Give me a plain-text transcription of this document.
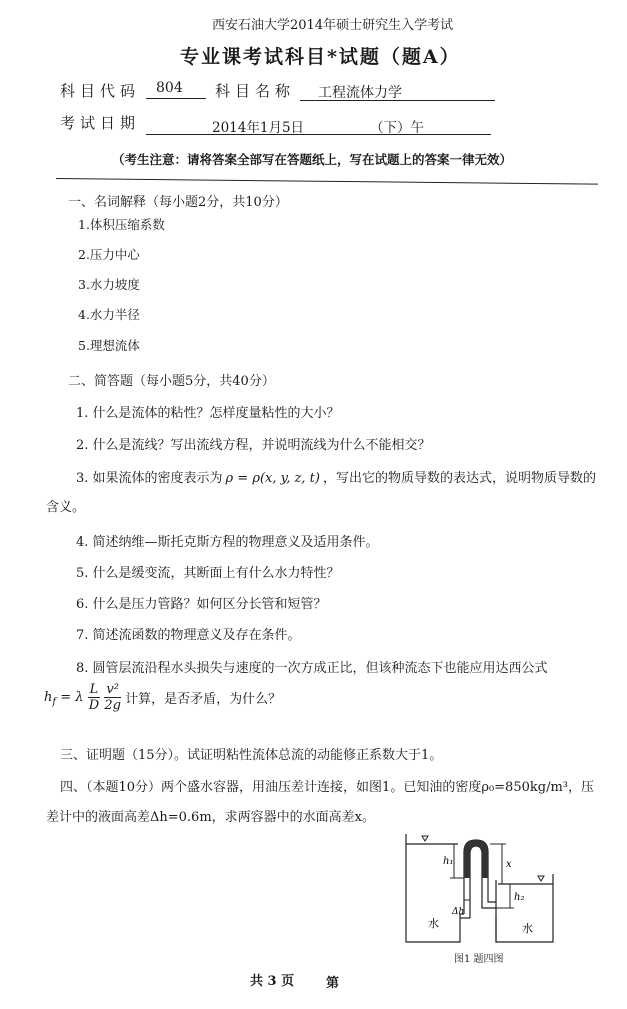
西安石油大学2014年硕士研究生入学考试
专业课考试科目*试题（题A）
科目代码 804 科目名称 工程流体力学
考试日期	2014年1月5日	（下）午
（考生注意：请将答案全部写在答题纸上，写在试题上的答案一律无效）
一、名词解释（每小题2分，共10分）
1.体积压缩系数
2.压力中心
3.水力坡度
4.水力半径
5.理想流体
二、简答题（每小题5分，共40分）
1. 什么是流体的粘性？怎样度量粘性的大小？
2. 什么是流线？写出流线方程，并说明流线为什么不能相交？
3. 如果流体的密度表示为 ρ = ρ(x, y, z, t) ，写出它的物质导数的表达式，说明物质导数的
含义。
4. 简述纳维—斯托克斯方程的物理意义及适用条件。
5. 什么是缓变流，其断面上有什么水力特性？
6. 什么是压力管路？如何区分长管和短管？
7. 简述流函数的物理意义及存在条件。
8. 圆管层流沿程水头损失与速度的一次方成正比，但该种流态下也能应用达西公式
$h_f = \lambda \frac{L}{D}$
$\frac{\text{v²}}{2g}$ 计算，是否矛盾，为什么？
三、证明题（15分）。试证明粘性流体总流的动能修正系数大于1。
四、（本题10分）两个盛水容器，用油压差计连接，如图1。已知油的密度ρ₀=850kg/m³，压
差计中的液面高差Δh=0.6m，求两容器中的水面高差x。
h₁	x
h₂
Δh
水	水
图1 题四图
共 3 页 第
